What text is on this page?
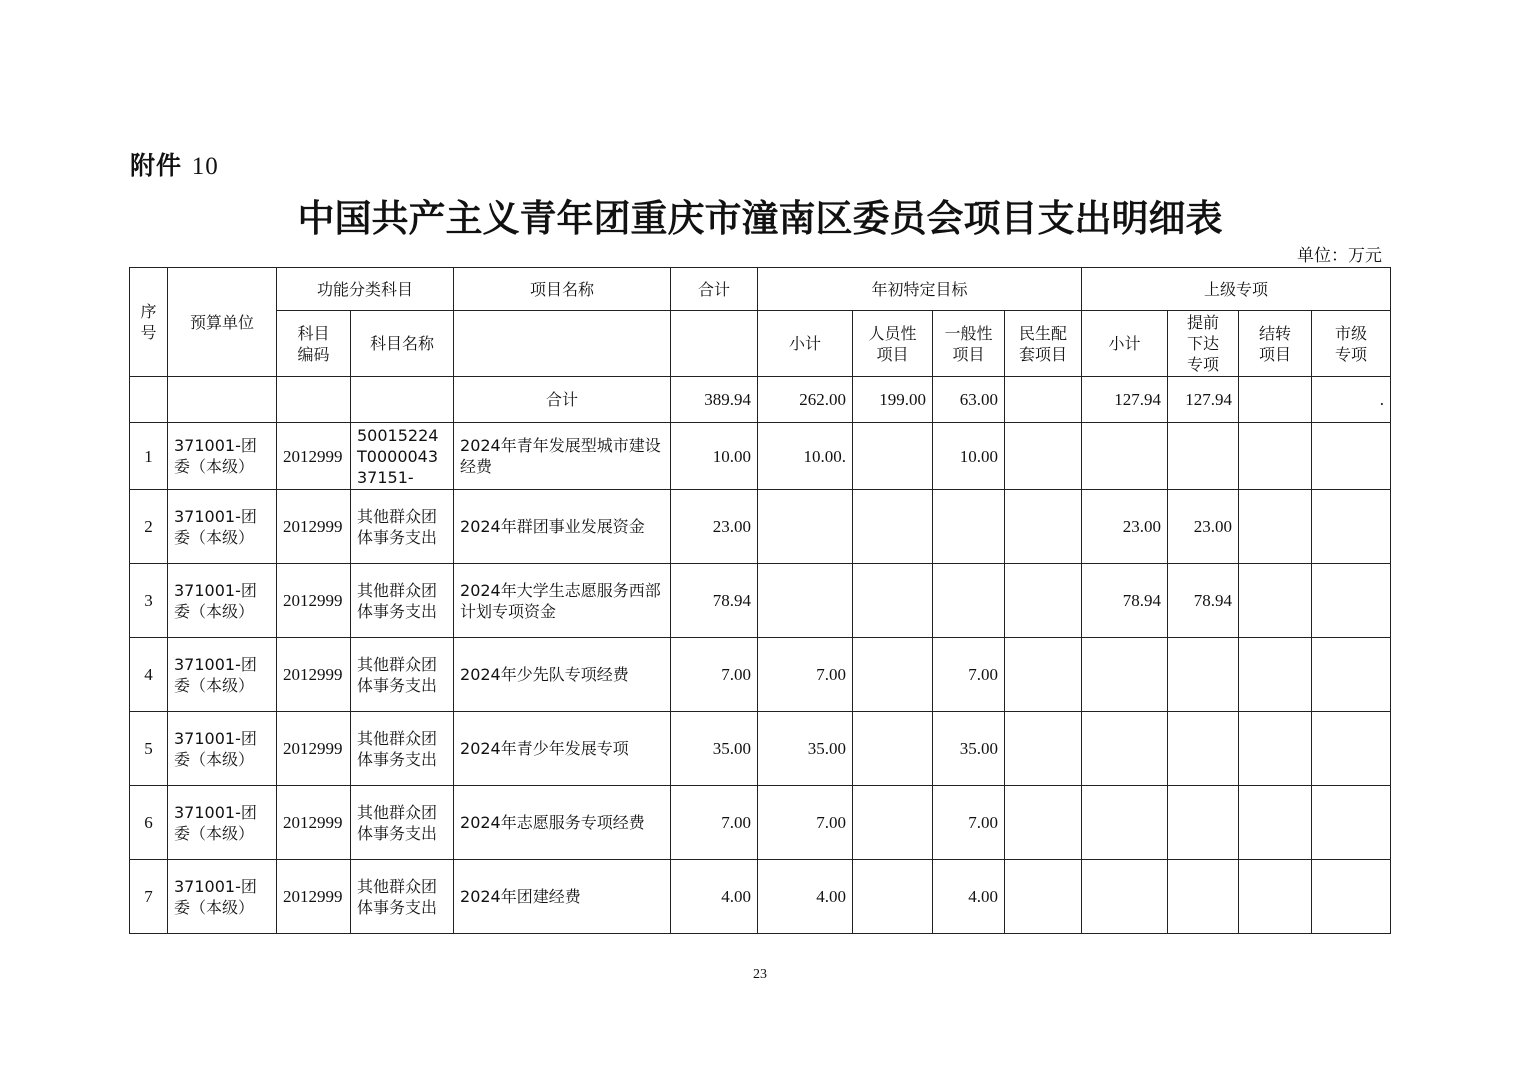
附件 10
中国共产主义青年团重庆市潼南区委员会项目支出明细表
单位：万元
序号	预算单位	功能分类科目		项目名称	合计	年初特定目标				上级专项			
		科目编码	科目名称			小计	人员性项目	一般性项目	民生配套项目	小计	提前下达专项	结转项目	市级专项
				合计	389.94	262.00	199.00	63.00		127.94	127.94		.
1	371001-团委（本级）	2012999	50015224T000004337151-	2024年青年发展型城市建设经费	10.00	10.00.		10.00					
2	371001-团委（本级）	2012999	其他群众团体事务支出	2024年群团事业发展资金	23.00					23.00	23.00		
3	371001-团委（本级）	2012999	其他群众团体事务支出	2024年大学生志愿服务西部计划专项资金	78.94					78.94	78.94		
4	371001-团委（本级）	2012999	其他群众团体事务支出	2024年少先队专项经费	7.00	7.00		7.00					
5	371001-团委（本级）	2012999	其他群众团体事务支出	2024年青少年发展专项	35.00	35.00		35.00					
6	371001-团委（本级）	2012999	其他群众团体事务支出	2024年志愿服务专项经费	7.00	7.00		7.00					
7	371001-团委（本级）	2012999	其他群众团体事务支出	2024年团建经费	4.00	4.00		4.00					
23
